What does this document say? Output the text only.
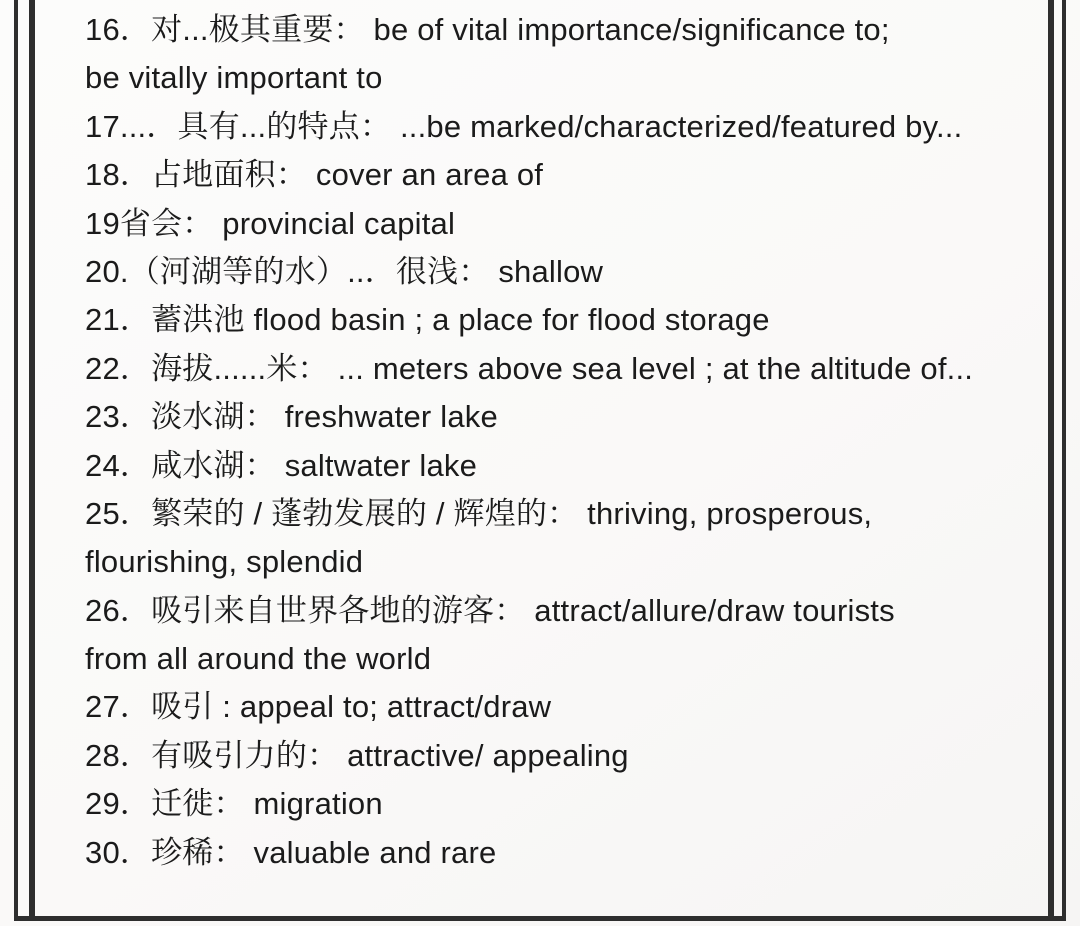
16．对...极其重要： be of vital importance/significance to;
be vitally important to
17...．具有...的特点： ...be marked/characterized/featured by...
18．占地面积： cover an area of
19省会： provincial capital
20.（河湖等的水）..．很浅： shallow
21．蓄洪池 flood basin ; a place for flood storage
22．海拔......米： ... meters above sea level ; at the altitude of...
23．淡水湖： freshwater lake
24．咸水湖： saltwater lake
25．繁荣的 / 蓬勃发展的 / 辉煌的： thriving, prosperous,
flourishing, splendid
26．吸引来自世界各地的游客： attract/allure/draw tourists
from all around the world
27．吸引 : appeal to; attract/draw
28．有吸引力的： attractive/ appealing
29．迁徙： migration
30．珍稀： valuable and rare
